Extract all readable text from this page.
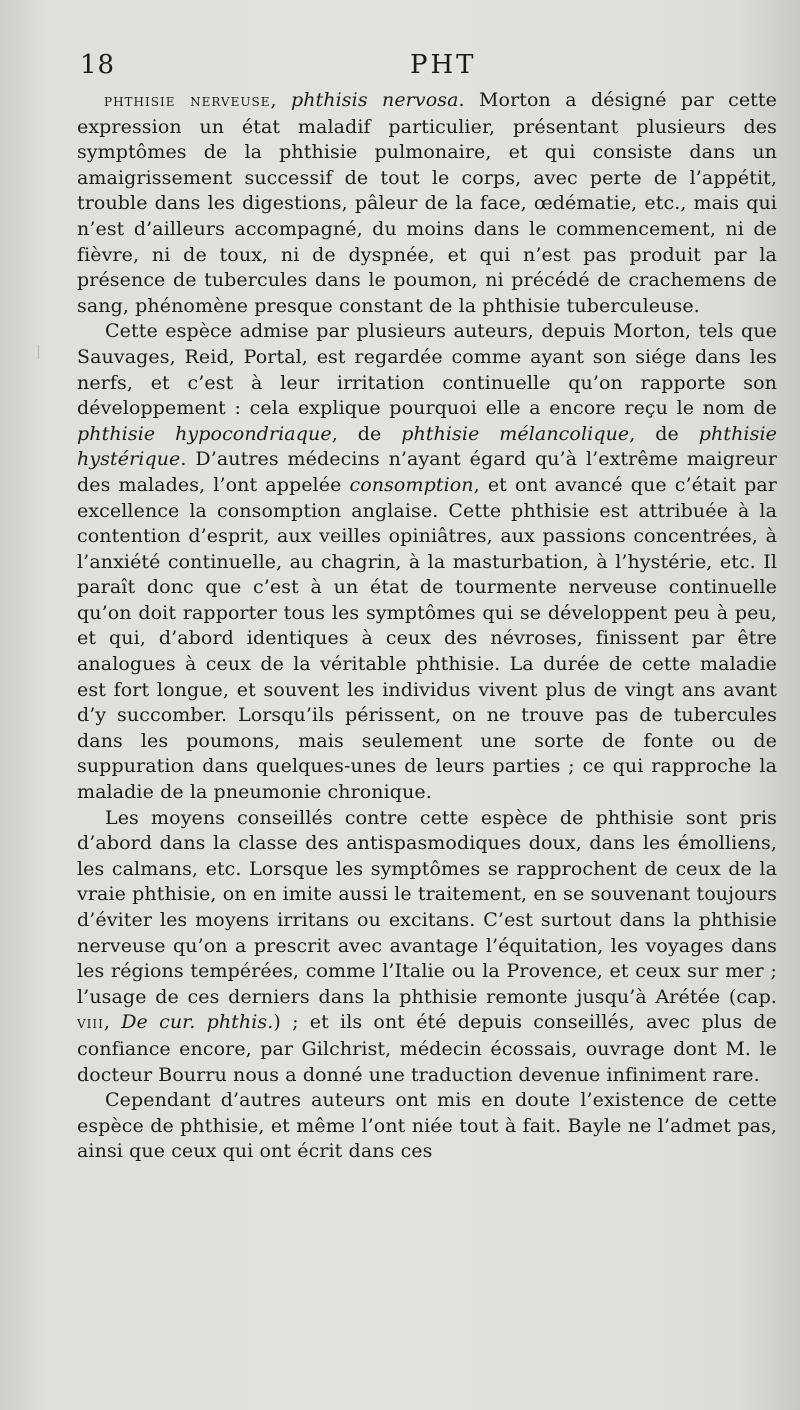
18	PHT

phthisie nerveuse, phthisis nervosa. Morton a désigné par cette expression un état maladif particulier, présentant plusieurs des symptômes de la phthisie pulmonaire, et qui consiste dans un amaigrissement successif de tout le corps, avec perte de l’appétit, trouble dans les digestions, pâleur de la face, œdématie, etc., mais qui n’est d’ailleurs accompagné, du moins dans le commencement, ni de fièvre, ni de toux, ni de dyspnée, et qui n’est pas produit par la présence de tubercules dans le poumon, ni précédé de crachemens de sang, phénomène presque constant de la phthisie tuberculeuse.

Cette espèce admise par plusieurs auteurs, depuis Morton, tels que Sauvages, Reid, Portal, est regardée comme ayant son siége dans les nerfs, et c’est à leur irritation continuelle qu’on rapporte son développement : cela explique pourquoi elle a encore reçu le nom de phthisie hypocondriaque, de phthisie mélancolique, de phthisie hystérique. D’autres médecins n’ayant égard qu’à l’extrême maigreur des malades, l’ont appelée consomption, et ont avancé que c’était par excellence la consomption anglaise. Cette phthisie est attribuée à la contention d’esprit, aux veilles opiniâtres, aux passions concentrées, à l’anxiété continuelle, au chagrin, à la masturbation, à l’hystérie, etc. Il paraît donc que c’est à un état de tourmente nerveuse continuelle qu’on doit rapporter tous les symptômes qui se développent peu à peu, et qui, d’abord identiques à ceux des névroses, finissent par être analogues à ceux de la véritable phthisie. La durée de cette maladie est fort longue, et souvent les individus vivent plus de vingt ans avant d’y succomber. Lorsqu’ils périssent, on ne trouve pas de tubercules dans les poumons, mais seulement une sorte de fonte ou de suppuration dans quelques-unes de leurs parties ; ce qui rapproche la maladie de la pneumonie chronique.

Les moyens conseillés contre cette espèce de phthisie sont pris d’abord dans la classe des antispasmodiques doux, dans les émolliens, les calmans, etc. Lorsque les symptômes se rapprochent de ceux de la vraie phthisie, on en imite aussi le traitement, en se souvenant toujours d’éviter les moyens irritans ou excitans. C’est surtout dans la phthisie nerveuse qu’on a prescrit avec avantage l’équitation, les voyages dans les régions tempérées, comme l’Italie ou la Provence, et ceux sur mer ; l’usage de ces derniers dans la phthisie remonte jusqu’à Arétée (cap. viii, De cur. phthis.) ; et ils ont été depuis conseillés, avec plus de confiance encore, par Gilchrist, médecin écossais, ouvrage dont M. le docteur Bourru nous a donné une traduction devenue infiniment rare.

Cependant d’autres auteurs ont mis en doute l’existence de cette espèce de phthisie, et même l’ont niée tout à fait. Bayle ne l’admet pas, ainsi que ceux qui ont écrit dans ces
